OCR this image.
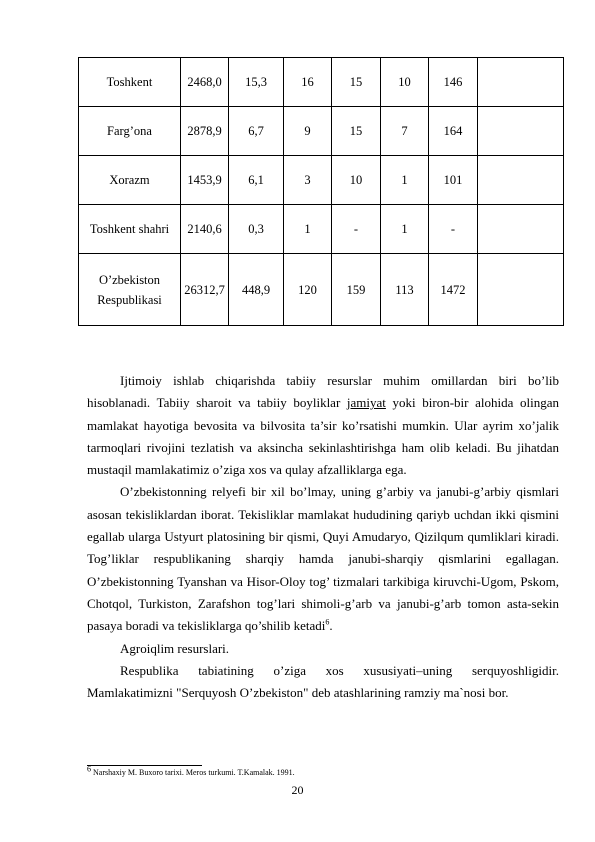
Toshkent	2468,0	15,3	16	15	10	146	
Farg’ona	2878,9	6,7	9	15	7	164	
Xorazm	1453,9	6,1	3	10	1	101	
Toshkent shahri	2140,6	0,3	1	-	1	-	
O’zbekiston Respublikasi	26312,7	448,9	120	159	113	1472	

Ijtimoiy ishlab chiqarishda tabiiy resurslar muhim omillardan biri bo’lib hisoblanadi. Tabiiy sharoit va tabiiy boyliklar jamiyat yoki biron-bir alohida olingan mamlakat hayotiga bevosita va bilvosita ta’sir ko’rsatishi mumkin. Ular ayrim xo’jalik tarmoqlari rivojini tezlatish va aksincha sekinlashtirishga ham olib keladi. Bu jihatdan mustaqil mamlakatimiz o’ziga xos va qulay afzalliklarga ega.

O’zbekistonning relyefi bir xil bo’lmay, uning g’arbiy va janubi-g’arbiy qismlari asosan tekisliklardan iborat. Tekisliklar mamlakat hududining qariyb uchdan ikki qismini egallab ularga Ustyurt platosining bir qismi, Quyi Amudaryo, Qizilqum qumliklari kiradi. Tog’liklar respublikaning sharqiy hamda janubi-sharqiy qismlarini egallagan. O’zbekistonning Tyanshan va Hisor-Oloy tog’ tizmalari tarkibiga kiruvchi-Ugom, Pskom, Chotqol, Turkiston, Zarafshon tog’lari shimoli-g’arb va janubi-g’arb tomon asta-sekin pasaya boradi va tekisliklarga qo’shilib ketadi$^6$.

Agroiqlim resurslari.

Respublika tabiatining o’ziga xos xususiyati–uning serquyoshligidir. Mamlakatimizni "Serquyosh O’zbekiston" deb atashlarining ramziy ma`nosi bor.

$^6$ Narshaxiy M. Buxoro tarixi. Meros turkumi. T.Kamalak. 1991.
20
